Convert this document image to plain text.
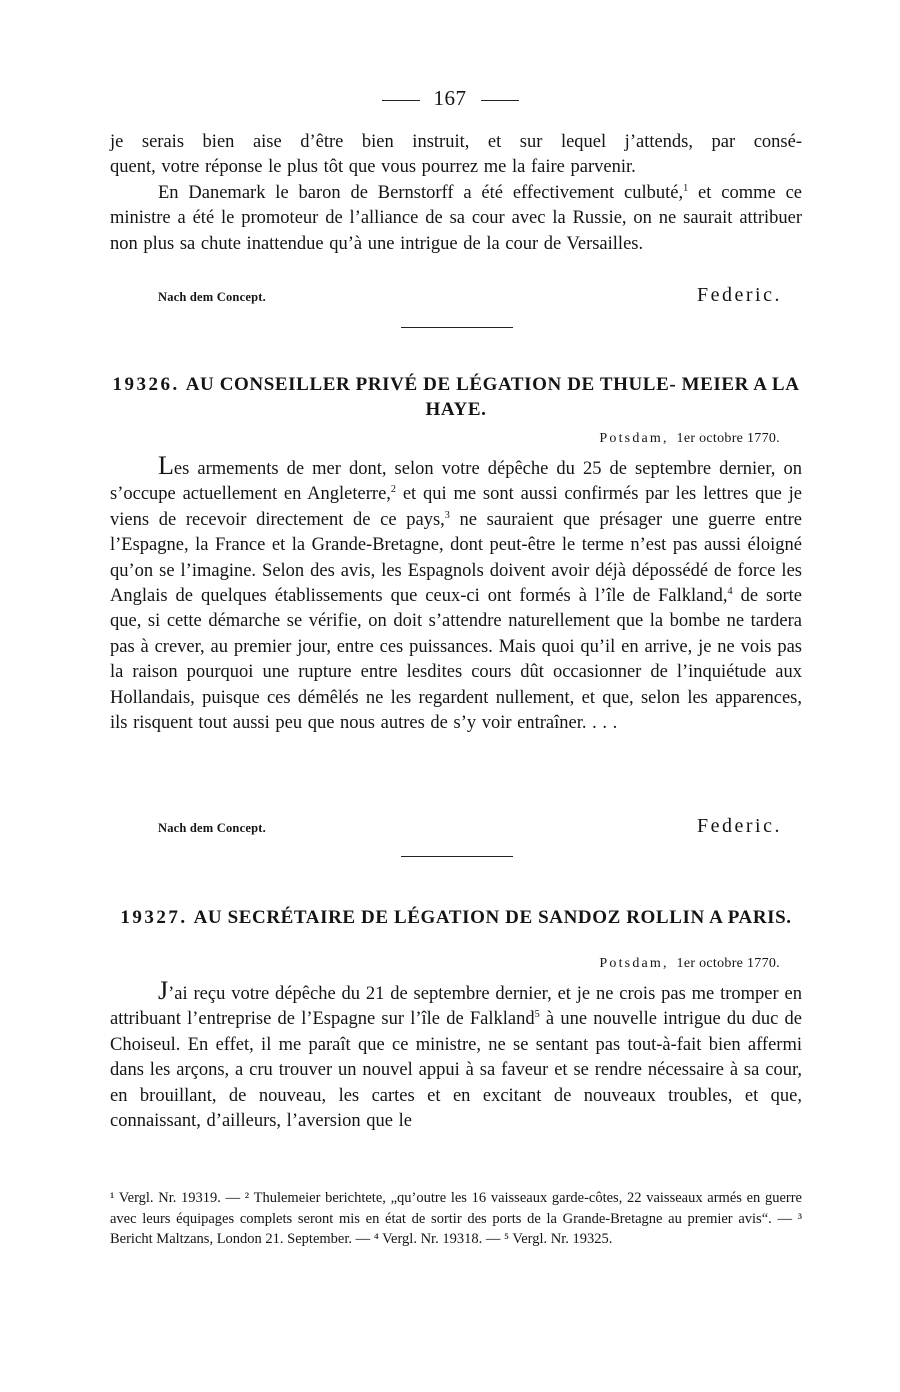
167

je serais bien aise d’être bien instruit, et sur lequel j’attends, par consé-

quent, votre réponse le plus tôt que vous pourrez me la faire parvenir.

En Danemark le baron de Bernstorff a été effectivement culbuté,$^1$ et comme ce ministre a été le promoteur de l’alliance de sa cour avec la Russie, on ne saurait attribuer non plus sa chute inattendue qu’à une intrigue de la cour de Versailles.

Nach dem Concept.	Federic.
19326. AU CONSEILLER PRIVÉ DE LÉGATION DE THULE- MEIER A LA HAYE.
Potsdam, 1er octobre 1770.

Les armements de mer dont, selon votre dépêche du 25 de septembre dernier, on s’occupe actuellement en Angleterre,$^2$ et qui me sont aussi confirmés par les lettres que je viens de recevoir directement de ce pays,$^3$ ne sauraient que présager une guerre entre l’Espagne, la France et la Grande-Bretagne, dont peut-être le terme n’est pas aussi éloigné qu’on se l’imagine. Selon des avis, les Espagnols doivent avoir déjà dépossédé de force les Anglais de quelques établissements que ceux-ci ont formés à l’île de Falkland,$^4$ de sorte que, si cette démarche se vérifie, on doit s’attendre naturellement que la bombe ne tardera pas à crever, au premier jour, entre ces puissances. Mais quoi qu’il en arrive, je ne vois pas la raison pourquoi une rupture entre lesdites cours dût occasionner de l’inquiétude aux Hollandais, puisque ces démêlés ne les regardent nullement, et que, selon les apparences, ils risquent tout aussi peu que nous autres de s’y voir entraîner. . . .

Nach dem Concept.	Federic.
19327. AU SECRÉTAIRE DE LÉGATION DE SANDOZ ROLLIN A PARIS.
Potsdam, 1er octobre 1770.

J’ai reçu votre dépêche du 21 de septembre dernier, et je ne crois pas me tromper en attribuant l’entreprise de l’Espagne sur l’île de Falkland$^5$ à une nouvelle intrigue du duc de Choiseul. En effet, il me paraît que ce ministre, ne se sentant pas tout-à-fait bien affermi dans les arçons, a cru trouver un nouvel appui à sa faveur et se rendre nécessaire à sa cour, en brouillant, de nouveau, les cartes et en excitant de nouveaux troubles, et que, connaissant, d’ailleurs, l’aversion que le

¹ Vergl. Nr. 19319. — ² Thulemeier berichtete, „qu’outre les 16 vaisseaux garde-côtes, 22 vaisseaux armés en guerre avec leurs équipages complets seront mis en état de sortir des ports de la Grande-Bretagne au premier avis“. — ³ Bericht Maltzans, London 21. September. — ⁴ Vergl. Nr. 19318. — ⁵ Vergl. Nr. 19325.
